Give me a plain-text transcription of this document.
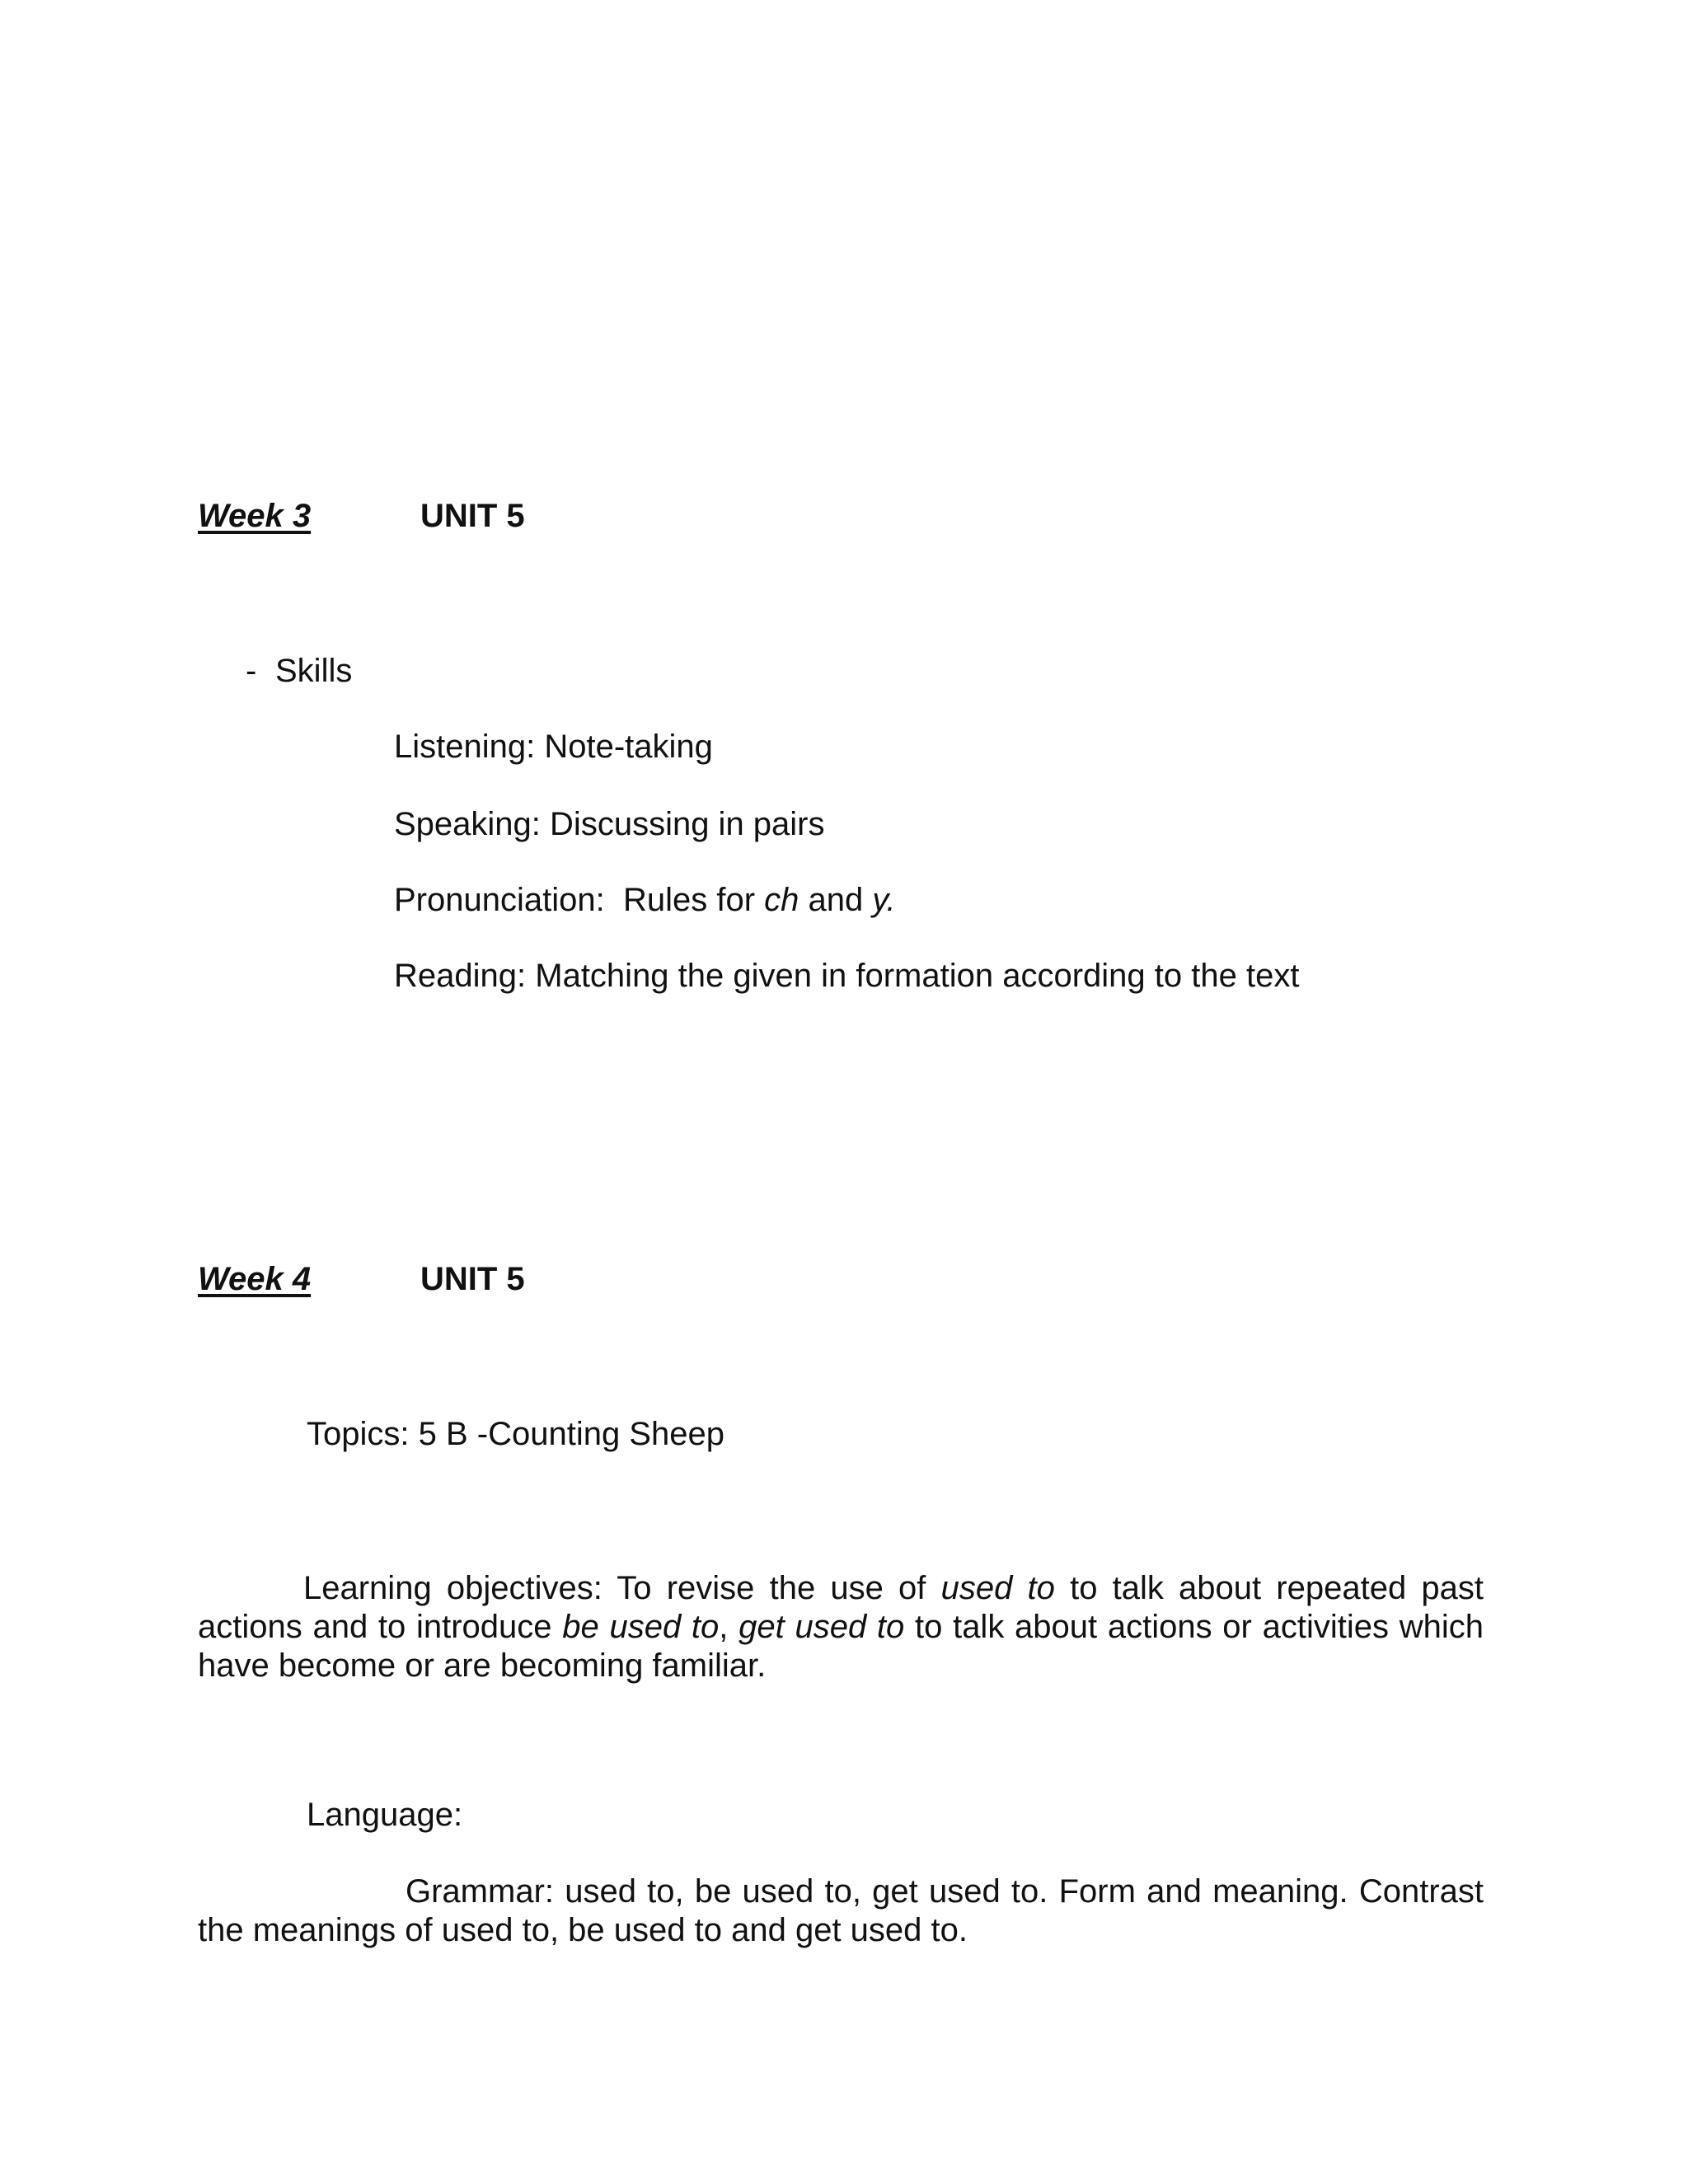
Week 3	UNIT 5
- Skills
Listening: Note-taking
Speaking: Discussing in pairs
Pronunciation: Rules for ch and y.
Reading: Matching the given in formation according to the text
Week 4	UNIT 5
Topics: 5 B -Counting Sheep
Learning objectives: To revise the use of used to to talk about repeated past actions and to introduce be used to, get used to to talk about actions or activities which have become or are becoming familiar.
Language:
Grammar: used to, be used to, get used to. Form and meaning. Contrast the meanings of used to, be used to and get used to.
